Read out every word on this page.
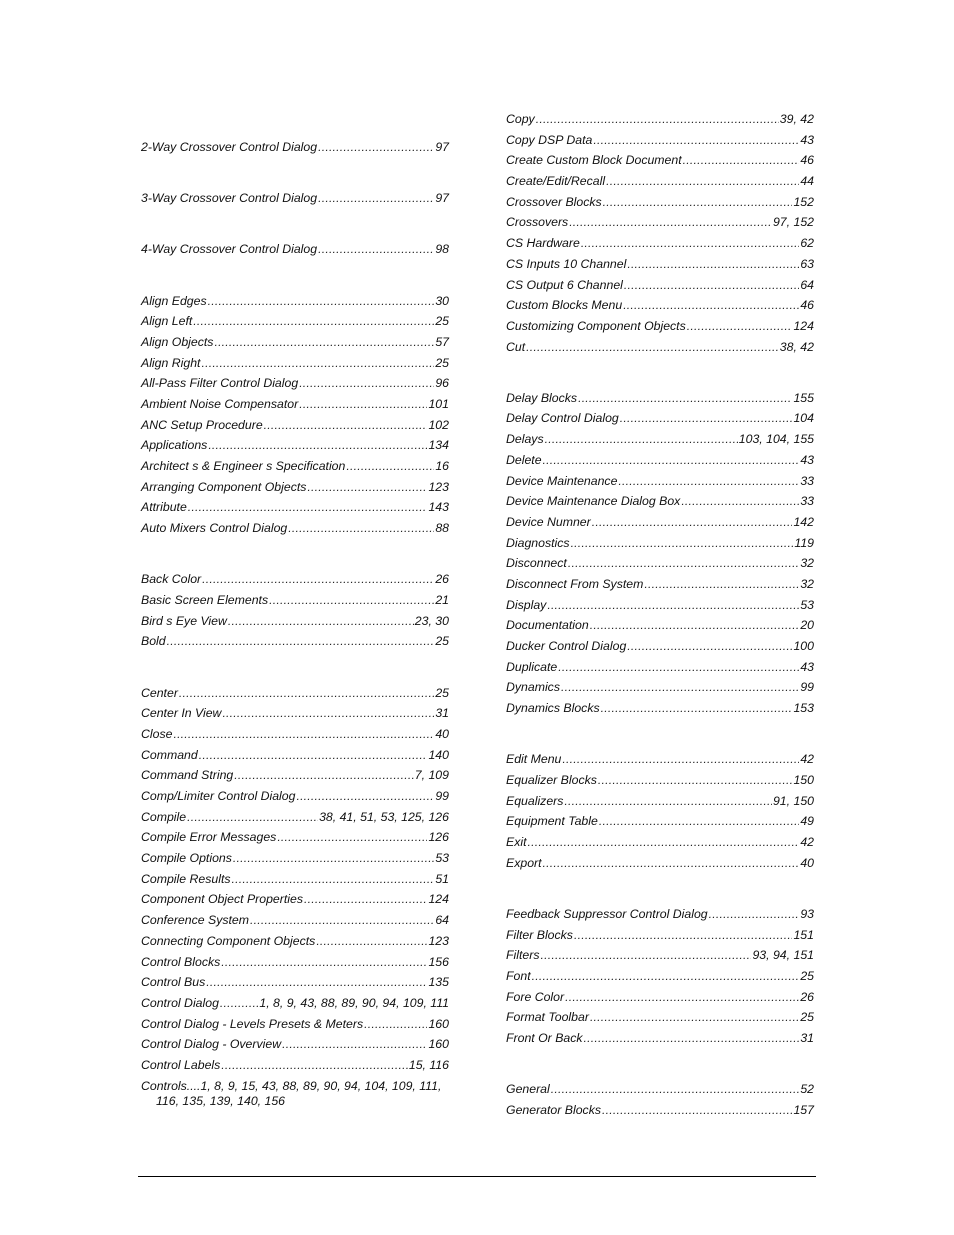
2-Way Crossover Control Dialog .....	97
3-Way Crossover Control Dialog .....	97
4-Way Crossover Control Dialog .....	98
Align Edges .....	30
Align Left .....	25
Align Objects .....	57
Align Right .....	25
All-Pass Filter Control Dialog .....	96
Ambient Noise Compensator .....	101
ANC Setup Procedure .....	102
Applications .....	134
Architect s & Engineer s Specification .....	16
Arranging Component Objects .....	123
Attribute .....	143
Auto Mixers Control Dialog .....	88
Back Color .....	26
Basic Screen Elements .....	21
Bird s Eye View .....	23, 30
Bold .....	25
Center .....	25
Center In View .....	31
Close .....	40
Command .....	140
Command String .....	7, 109
Comp/Limiter Control Dialog .....	99
Compile .....	38, 41, 51, 53, 125, 126
Compile Error Messages .....	126
Compile Options .....	53
Compile Results .....	51
Component Object Properties .....	124
Conference System .....	64
Connecting Component Objects .....	123
Control Blocks .....	156
Control Bus .....	135
Control Dialog .....	1, 8, 9, 43, 88, 89, 90, 94, 109, 111
Control Dialog - Levels Presets & Meters .....	160
Control Dialog - Overview .....	160
Control Labels .....	15, 116
Controls....1, 8, 9, 15, 43, 88, 89, 90, 94, 104, 109, 111, 116, 135, 139, 140, 156
Copy .....	39, 42
Copy DSP Data .....	43
Create Custom Block Document .....	46
Create/Edit/Recall .....	44
Crossover Blocks .....	152
Crossovers .....	97, 152
CS Hardware .....	62
CS Inputs 10 Channel .....	63
CS Output 6 Channel .....	64
Custom Blocks Menu .....	46
Customizing Component Objects .....	124
Cut .....	38, 42
Delay Blocks .....	155
Delay Control Dialog .....	104
Delays .....	103, 104, 155
Delete .....	43
Device Maintenance .....	33
Device Maintenance Dialog Box .....	33
Device Numner .....	142
Diagnostics .....	119
Disconnect .....	32
Disconnect From System .....	32
Display .....	53
Documentation .....	20
Ducker Control Dialog .....	100
Duplicate .....	43
Dynamics .....	99
Dynamics Blocks .....	153
Edit Menu .....	42
Equalizer Blocks .....	150
Equalizers .....	91, 150
Equipment Table .....	49
Exit .....	42
Export .....	40
Feedback Suppressor Control Dialog .....	93
Filter Blocks .....	151
Filters .....	93, 94, 151
Font .....	25
Fore Color .....	26
Format Toolbar .....	25
Front Or Back .....	31
General .....	52
Generator Blocks .....	157
